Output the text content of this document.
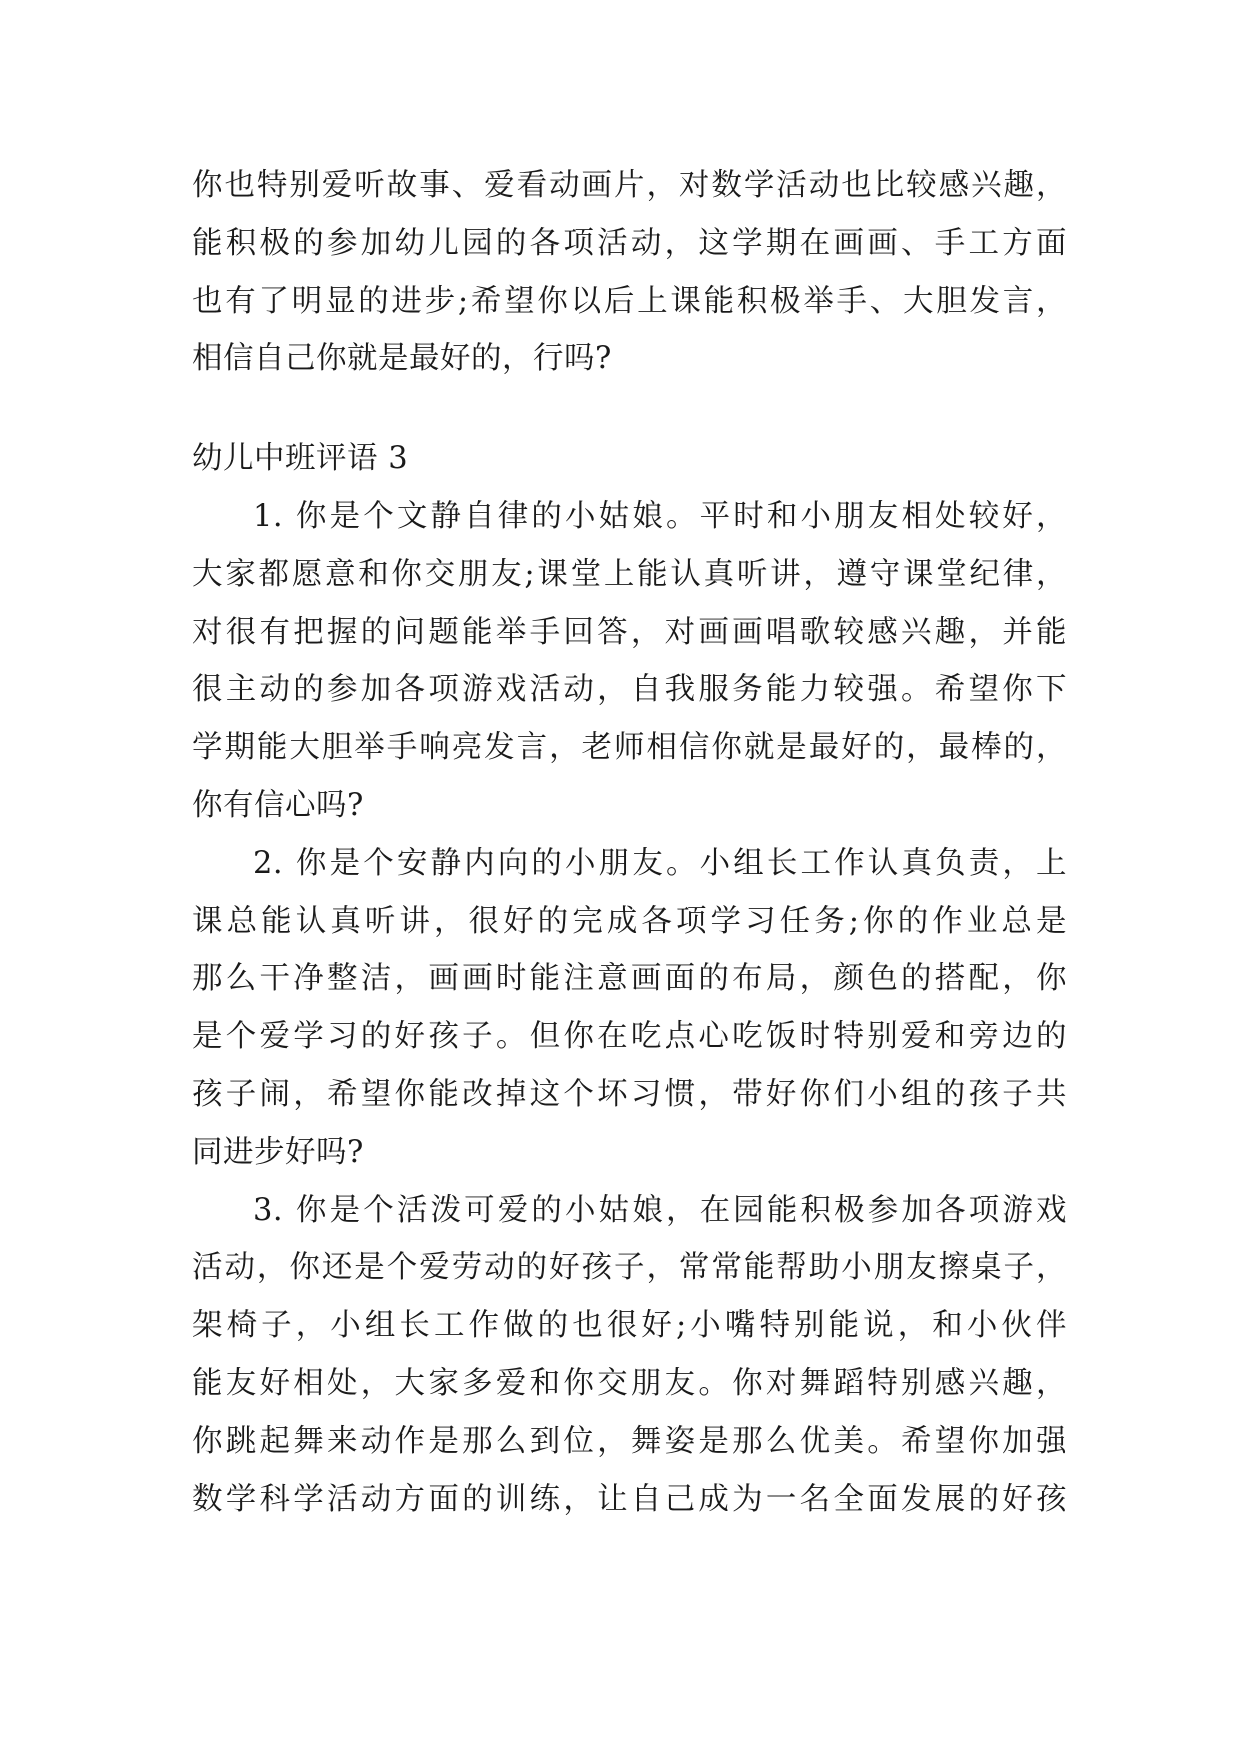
你也特别爱听故事、爱看动画片，对数学活动也比较感兴趣，
能积极的参加幼儿园的各项活动，这学期在画画、手工方面
也有了明显的进步;希望你以后上课能积极举手、大胆发言，
相信自己你就是最好的，行吗?
幼儿中班评语 3
1. 你是个文静自律的小姑娘。平时和小朋友相处较好，
大家都愿意和你交朋友;课堂上能认真听讲，遵守课堂纪律，
对很有把握的问题能举手回答，对画画唱歌较感兴趣，并能
很主动的参加各项游戏活动，自我服务能力较强。希望你下
学期能大胆举手响亮发言，老师相信你就是最好的，最棒的，
你有信心吗?
2. 你是个安静内向的小朋友。小组长工作认真负责，上
课总能认真听讲，很好的完成各项学习任务;你的作业总是
那么干净整洁，画画时能注意画面的布局，颜色的搭配，你
是个爱学习的好孩子。但你在吃点心吃饭时特别爱和旁边的
孩子闹，希望你能改掉这个坏习惯，带好你们小组的孩子共
同进步好吗?
3. 你是个活泼可爱的小姑娘，在园能积极参加各项游戏
活动，你还是个爱劳动的好孩子，常常能帮助小朋友擦桌子，
架椅子，小组长工作做的也很好;小嘴特别能说，和小伙伴
能友好相处，大家多爱和你交朋友。你对舞蹈特别感兴趣，
你跳起舞来动作是那么到位，舞姿是那么优美。希望你加强
数学科学活动方面的训练，让自己成为一名全面发展的好孩
